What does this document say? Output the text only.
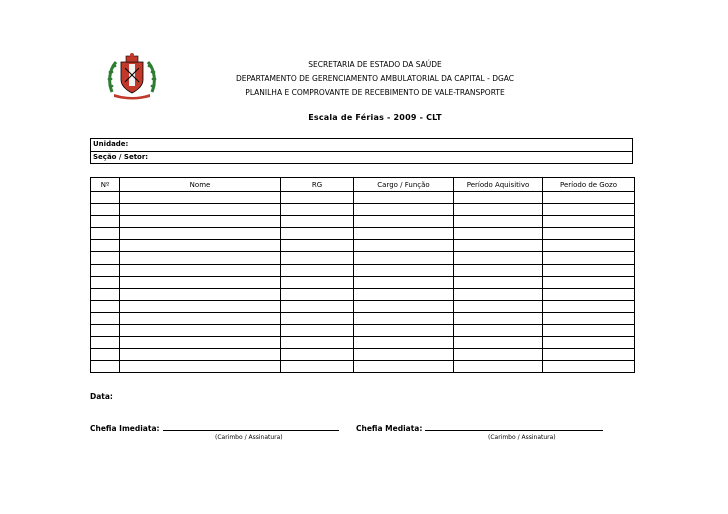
SECRETARIA DE ESTADO DA SAÚDE
DEPARTAMENTO DE GERENCIAMENTO AMBULATORIAL DA CAPITAL - DGAC
PLANILHA E COMPROVANTE DE RECEBIMENTO DE VALE-TRANSPORTE
Escala de Férias - 2009 - CLT
Unidade:
Seção / Setor:
Nº	Nome	RG	Cargo / Função	Período Aquisitivo	Período de Gozo

Data:
Chefia Imediata:
(Carimbo / Assinatura)
Chefia Mediata:
(Carimbo / Assinatura)
